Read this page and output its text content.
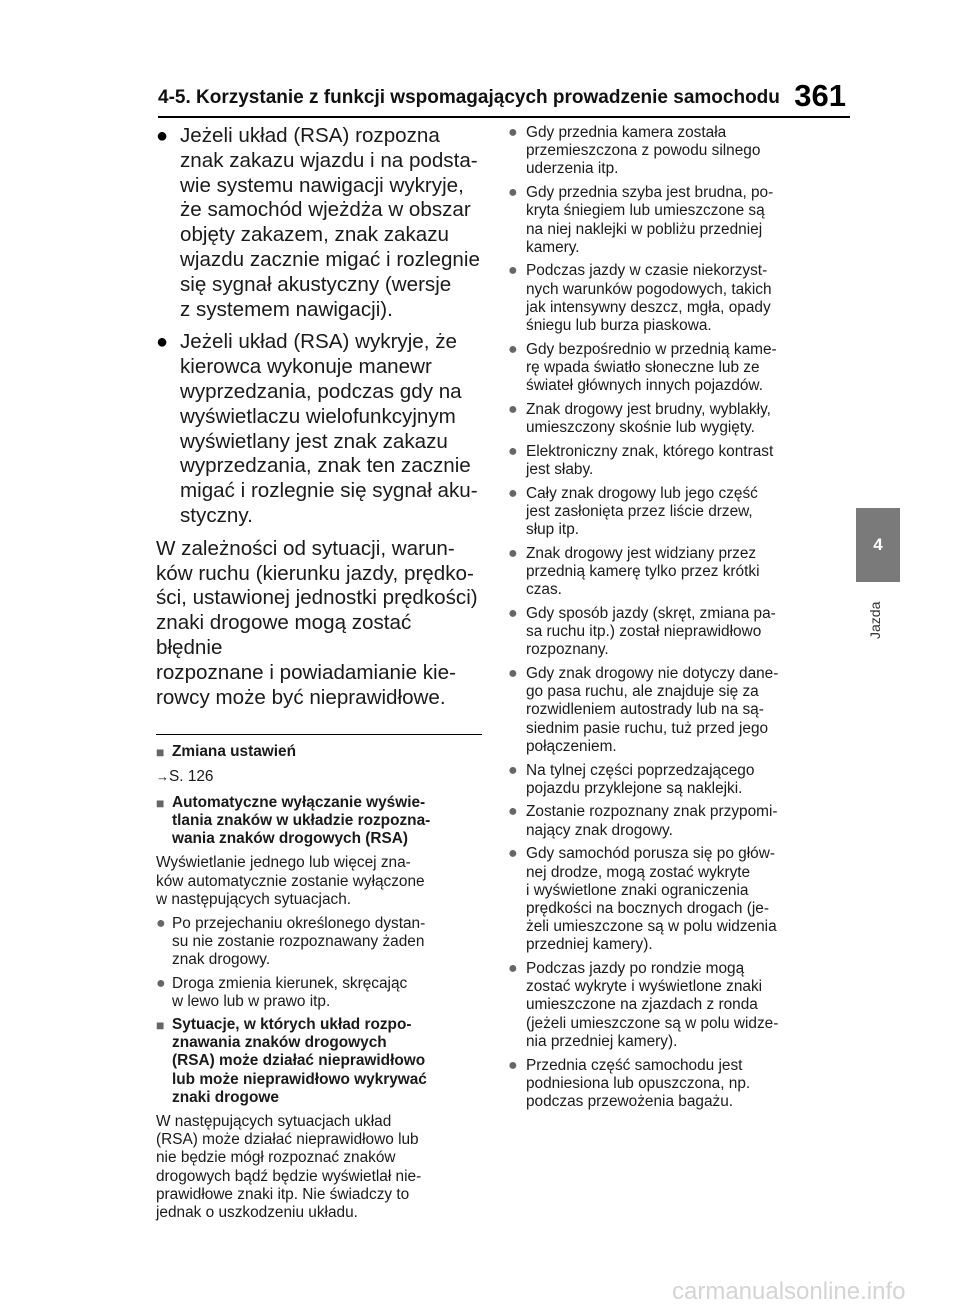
4-5. Korzystanie z funkcji wspomagających prowadzenie samochodu 361
4
Jazda
● Jeżeli układ (RSA) rozpozna
znak zakazu wjazdu i na podsta-
wie systemu nawigacji wykryje,
że samochód wjeżdża w obszar
objęty zakazem, znak zakazu
wjazdu zacznie migać i rozlegnie
się sygnał akustyczny (wersje
z systemem nawigacji).
● Jeżeli układ (RSA) wykryje, że
kierowca wykonuje manewr
wyprzedzania, podczas gdy na
wyświetlaczu wielofunkcyjnym
wyświetlany jest znak zakazu
wyprzedzania, znak ten zacznie
migać i rozlegnie się sygnał aku-
styczny.
W zależności od sytuacji, warun-
ków ruchu (kierunku jazdy, prędko-
ści, ustawionej jednostki prędkości)
znaki drogowe mogą zostać błędnie
rozpoznane i powiadamianie kie-
rowcy może być nieprawidłowe.
■ Zmiana ustawień
→S. 126
■ Automatyczne wyłączanie wyświe-
tlania znaków w układzie rozpozna-
wania znaków drogowych (RSA)
Wyświetlanie jednego lub więcej zna-
ków automatycznie zostanie wyłączone
w następujących sytuacjach.
● Po przejechaniu określonego dystan-
su nie zostanie rozpoznawany żaden
znak drogowy.
● Droga zmienia kierunek, skręcając
w lewo lub w prawo itp.
■ Sytuacje, w których układ rozpo-
znawania znaków drogowych
(RSA) może działać nieprawidłowo
lub może nieprawidłowo wykrywać
znaki drogowe
W następujących sytuacjach układ
(RSA) może działać nieprawidłowo lub
nie będzie mógł rozpoznać znaków
drogowych bądź będzie wyświetlał nie-
prawidłowe znaki itp. Nie świadczy to
jednak o uszkodzeniu układu.
● Gdy przednia kamera została
przemieszczona z powodu silnego
uderzenia itp.
● Gdy przednia szyba jest brudna, po-
kryta śniegiem lub umieszczone są
na niej naklejki w pobliżu przedniej
kamery.
● Podczas jazdy w czasie niekorzyst-
nych warunków pogodowych, takich
jak intensywny deszcz, mgła, opady
śniegu lub burza piaskowa.
● Gdy bezpośrednio w przednią kame-
rę wpada światło słoneczne lub ze
świateł głównych innych pojazdów.
● Znak drogowy jest brudny, wyblakły,
umieszczony skośnie lub wygięty.
● Elektroniczny znak, którego kontrast
jest słaby.
● Cały znak drogowy lub jego część
jest zasłonięta przez liście drzew,
słup itp.
● Znak drogowy jest widziany przez
przednią kamerę tylko przez krótki
czas.
● Gdy sposób jazdy (skręt, zmiana pa-
sa ruchu itp.) został nieprawidłowo
rozpoznany.
● Gdy znak drogowy nie dotyczy dane-
go pasa ruchu, ale znajduje się za
rozwidleniem autostrady lub na są-
siednim pasie ruchu, tuż przed jego
połączeniem.
● Na tylnej części poprzedzającego
pojazdu przyklejone są naklejki.
● Zostanie rozpoznany znak przypomi-
nający znak drogowy.
● Gdy samochód porusza się po głów-
nej drodze, mogą zostać wykryte
i wyświetlone znaki ograniczenia
prędkości na bocznych drogach (je-
żeli umieszczone są w polu widzenia
przedniej kamery).
● Podczas jazdy po rondzie mogą
zostać wykryte i wyświetlone znaki
umieszczone na zjazdach z ronda
(jeżeli umieszczone są w polu widze-
nia przedniej kamery).
● Przednia część samochodu jest
podniesiona lub opuszczona, np.
podczas przewożenia bagażu.
carmanualsonline.info
